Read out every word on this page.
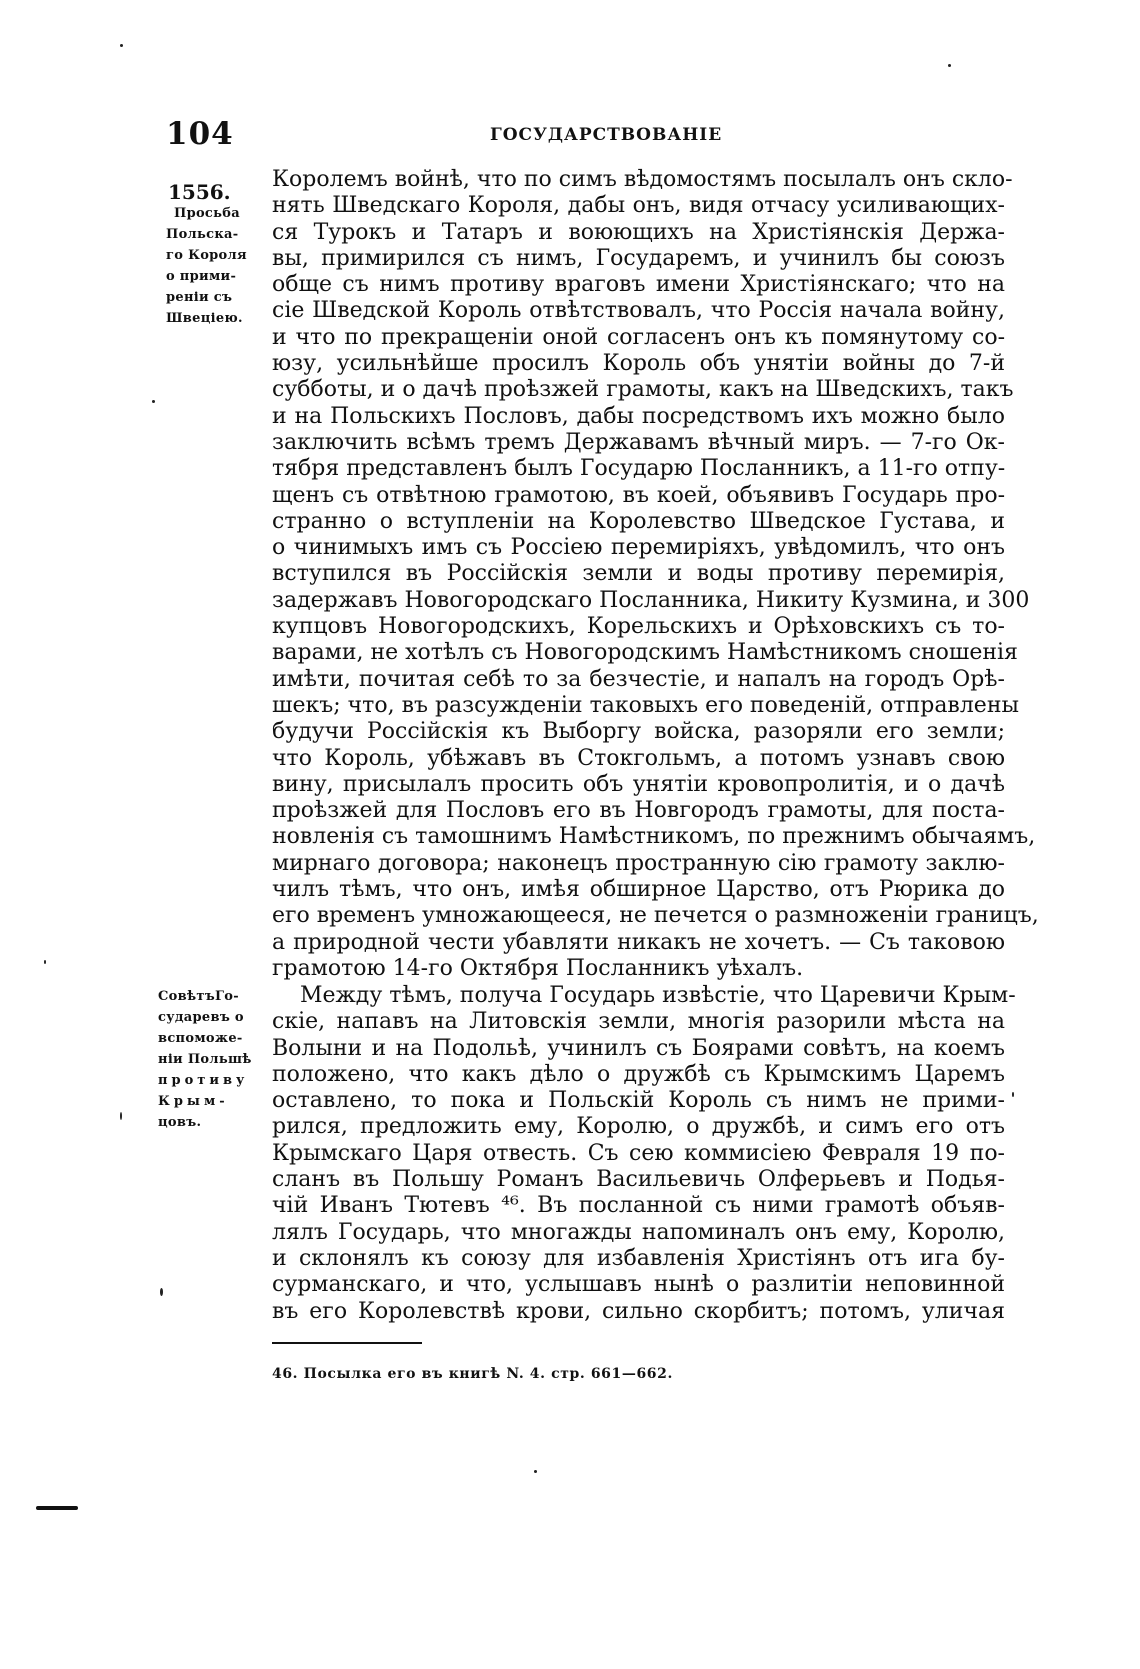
104	ГОСУДАРСТВОВАНІЕ
1556.
Просьба
Польска-
го Короля
о прими-
реніи съ
Швеціею.
СовѣтъГо-
сударевъ о
вспоможе-
ніи Польшѣ
противу
Крым-
цовъ.
Королемъ войнѣ, что по симъ вѣдомостямъ посылалъ онъ скло-
нять Шведскаго Короля, дабы онъ, видя отчасу усиливающих-
ся Турокъ и Татаръ и воюющихъ на Христіянскія Держа-
вы, примирился съ нимъ, Государемъ, и учинилъ бы союзъ
обще съ нимъ противу враговъ имени Христіянскаго; что на
сіе Шведской Король отвѣтствовалъ, что Россія начала войну,
и что по прекращеніи оной согласенъ онъ къ помянутому со-
юзу, усильнѣйше просилъ Король объ унятіи войны до 7-й
субботы, и о дачѣ проѣзжей грамоты, какъ на Шведскихъ, такъ
и на Польскихъ Пословъ, дабы посредствомъ ихъ можно было
заключить всѣмъ тремъ Державамъ вѣчный миръ. — 7-го Ок-
тября представленъ былъ Государю Посланникъ, а 11-го отпу-
щенъ съ отвѣтною грамотою, въ коей, объявивъ Государь про-
странно о вступленіи на Королевство Шведское Густава, и
о чинимыхъ имъ съ Россіею перемиріяхъ, увѣдомилъ, что онъ
вступился въ Россійскія земли и воды противу перемирія,
задержавъ Новогородскаго Посланника, Никиту Кузмина, и 300
купцовъ Новогородскихъ, Корельскихъ и Орѣховскихъ съ то-
варами, не хотѣлъ съ Новогородскимъ Намѣстникомъ сношенія
имѣти, почитая себѣ то за безчестіе, и напалъ на городъ Орѣ-
шекъ; что, въ разсужденіи таковыхъ его поведеній, отправлены
будучи Россійскія къ Выборгу войска, разоряли его земли;
что Король, убѣжавъ въ Стокгольмъ, а потомъ узнавъ свою
вину, присылалъ просить объ унятіи кровопролитія, и о дачѣ
проѣзжей для Пословъ его въ Новгородъ грамоты, для поста-
новленія съ тамошнимъ Намѣстникомъ, по прежнимъ обычаямъ,
мирнаго договора; наконецъ пространную сію грамоту заклю-
чилъ тѣмъ, что онъ, имѣя обширное Царство, отъ Рюрика до
его временъ умножающееся, не печется о размноженіи границъ,
а природной чести убавляти никакъ не хочетъ. — Съ таковою
грамотою 14-го Октября Посланникъ уѣхалъ.
Между тѣмъ, получа Государь извѣстіе, что Царевичи Крым-
скіе, напавъ на Литовскія земли, многія разорили мѣста на
Волыни и на Подольѣ, учинилъ съ Боярами совѣтъ, на коемъ
положено, что какъ дѣло о дружбѣ съ Крымскимъ Царемъ
оставлено, то пока и Польскій Король съ нимъ не прими-
рился, предложить ему, Королю, о дружбѣ, и симъ его отъ
Крымскаго Царя отвесть. Съ сею коммисіею Февраля 19 по-
сланъ въ Польшу Романъ Васильевичь Олферьевъ и Подья-
чій Иванъ Тютевъ ⁴⁶. Въ посланной съ ними грамотѣ объяв-
лялъ Государь, что многажды напоминалъ онъ ему, Королю,
и склонялъ къ союзу для избавленія Христіянъ отъ ига бу-
сурманскаго, и что, услышавъ нынѣ о разлитіи неповинной
въ его Королевствѣ крови, сильно скорбитъ; потомъ, уличая
46. Посылка его въ книгѣ N. 4. стр. 661—662.
